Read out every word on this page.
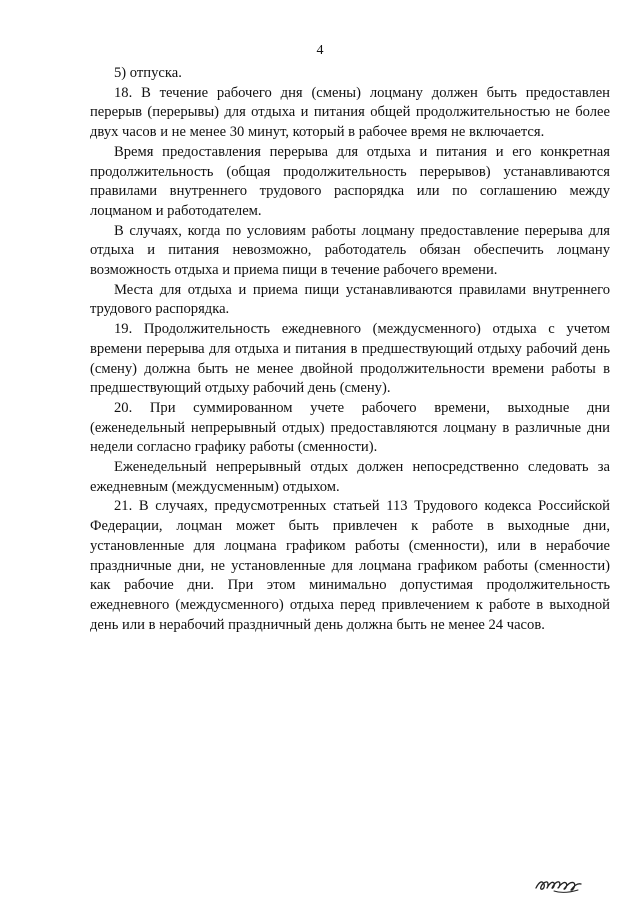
4

5) отпуска.

18. В течение рабочего дня (смены) лоцману должен быть предоставлен перерыв (перерывы) для отдыха и питания общей продолжительностью не более двух часов и не менее 30 минут, который в рабочее время не включается.

Время предоставления перерыва для отдыха и питания и его конкретная продолжительность (общая продолжительность перерывов) устанавливаются правилами внутреннего трудового распорядка или по соглашению между лоцманом и работодателем.

В случаях, когда по условиям работы лоцману предоставление перерыва для отдыха и питания невозможно, работодатель обязан обеспечить лоцману возможность отдыха и приема пищи в течение рабочего времени.

Места для отдыха и приема пищи устанавливаются правилами внутреннего трудового распорядка.

19. Продолжительность ежедневного (междусменного) отдыха с учетом времени перерыва для отдыха и питания в предшествующий отдыху рабочий день (смену) должна быть не менее двойной продолжительности времени работы в предшествующий отдыху рабочий день (смену).

20. При суммированном учете рабочего времени, выходные дни (еженедельный непрерывный отдых) предоставляются лоцману в различные дни недели согласно графику работы (сменности).

Еженедельный непрерывный отдых должен непосредственно следовать за ежедневным (междусменным) отдыхом.

21. В случаях, предусмотренных статьей 113 Трудового кодекса Российской Федерации, лоцман может быть привлечен к работе в выходные дни, установленные для лоцмана графиком работы (сменности), или в нерабочие праздничные дни, не установленные для лоцмана графиком работы (сменности) как рабочие дни. При этом минимально допустимая продолжительность ежедневного (междусменного) отдыха перед привлечением к работе в выходной день или в нерабочий праздничный день должна быть не менее 24 часов.
